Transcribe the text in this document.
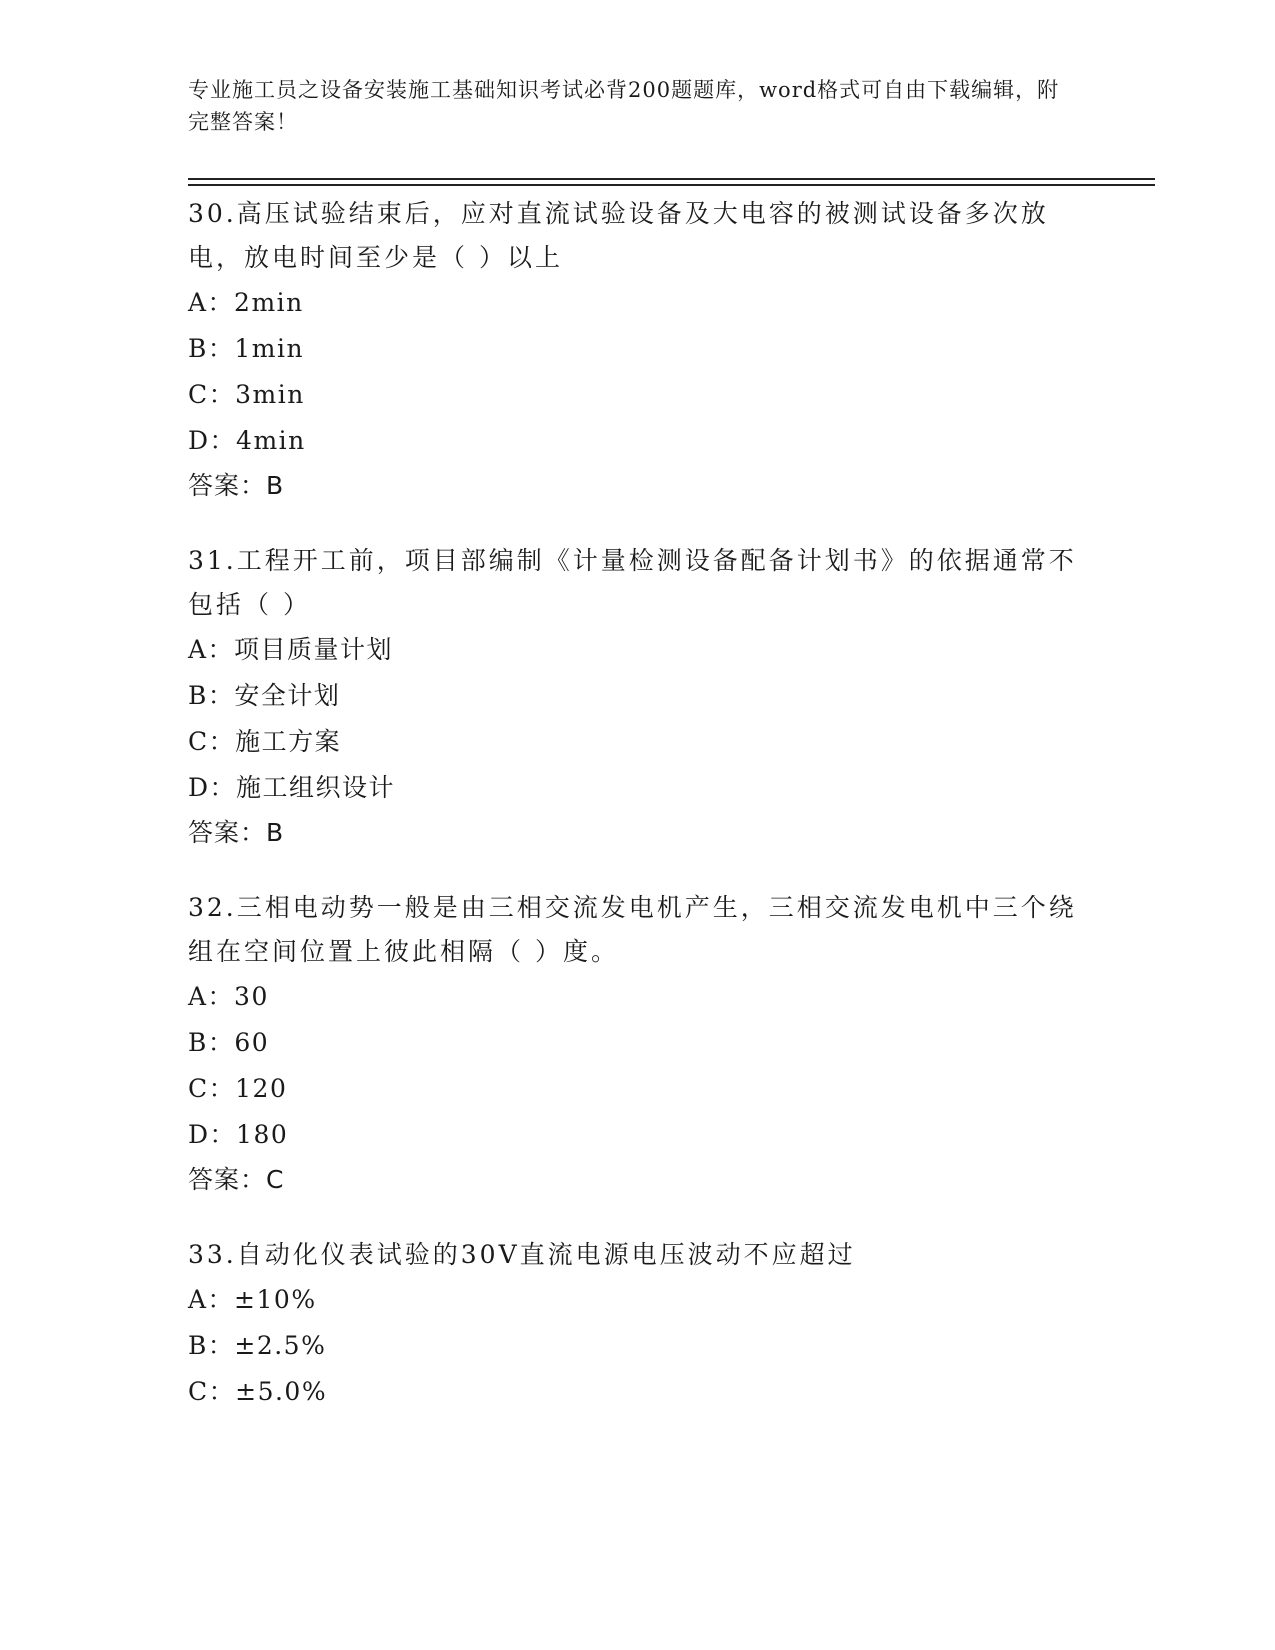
专业施工员之设备安装施工基础知识考试必背200题题库，word格式可自由下载编辑，附完整答案！
30.高压试验结束后，应对直流试验设备及大电容的被测试设备多次放电，放电时间至少是（ ）以上
A：2min
B：1min
C：3min
D：4min
答案：B
31.工程开工前，项目部编制《计量检测设备配备计划书》的依据通常不包括（ ）
A：项目质量计划
B：安全计划
C：施工方案
D：施工组织设计
答案：B
32.三相电动势一般是由三相交流发电机产生，三相交流发电机中三个绕组在空间位置上彼此相隔（ ）度。
A：30
B：60
C：120
D：180
答案：C
33.自动化仪表试验的30V直流电源电压波动不应超过
A：±10%
B：±2.5%
C：±5.0%
